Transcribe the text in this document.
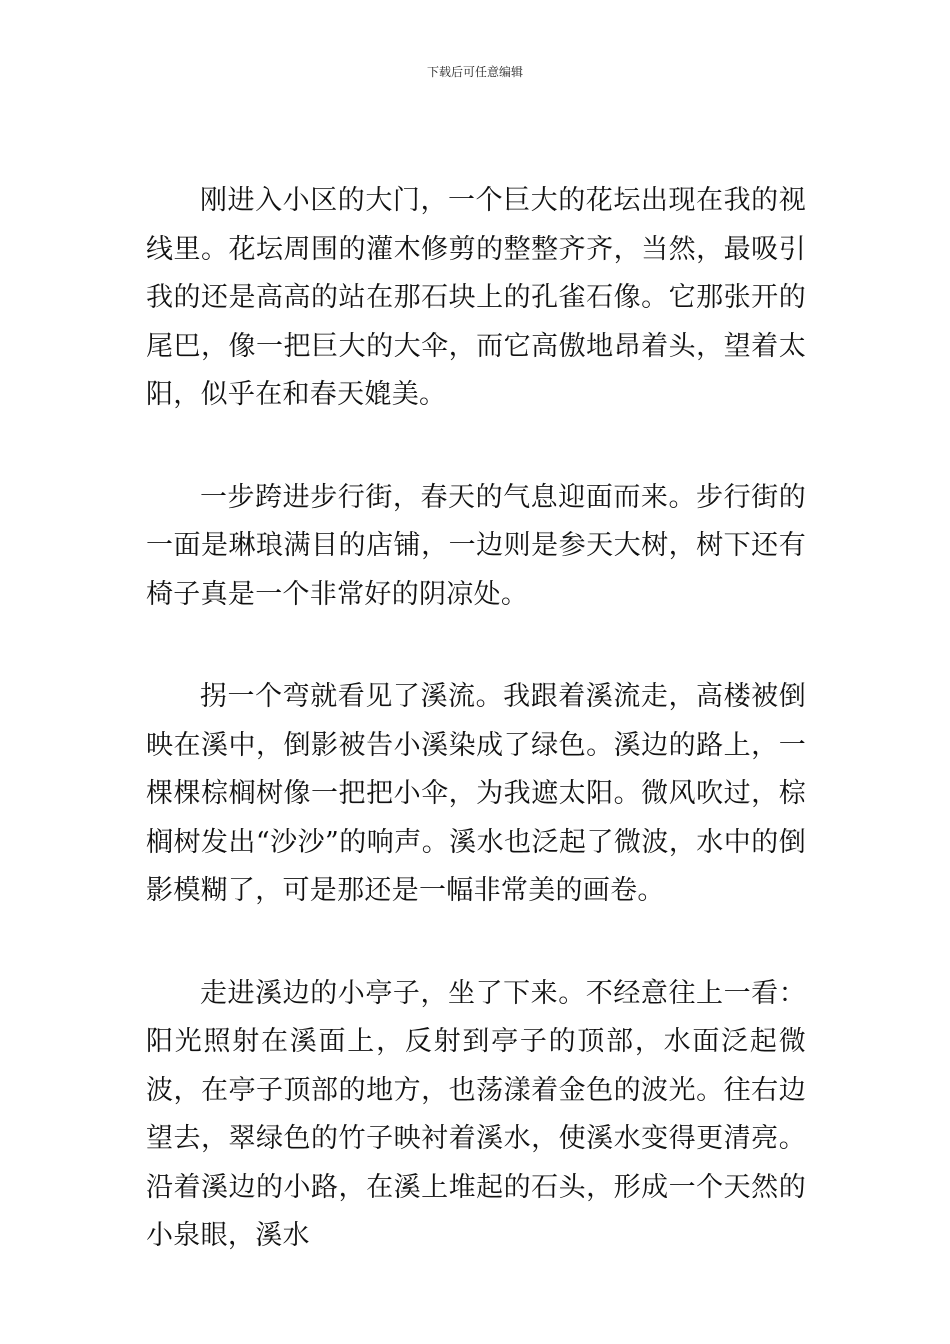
下载后可任意编辑

刚进入小区的大门，一个巨大的花坛出现在我的视线里。花坛周围的灌木修剪的整整齐齐，当然，最吸引我的还是高高的站在那石块上的孔雀石像。它那张开的尾巴，像一把巨大的大伞，而它高傲地昂着头，望着太阳，似乎在和春天媲美。

一步跨进步行街，春天的气息迎面而来。步行街的一面是琳琅满目的店铺，一边则是参天大树，树下还有椅子真是一个非常好的阴凉处。

拐一个弯就看见了溪流。我跟着溪流走，高楼被倒映在溪中，倒影被告小溪染成了绿色。溪边的路上，一棵棵棕榈树像一把把小伞，为我遮太阳。微风吹过，棕榈树发出“沙沙”的响声。溪水也泛起了微波，水中的倒影模糊了，可是那还是一幅非常美的画卷。

走进溪边的小亭子，坐了下来。不经意往上一看：阳光照射在溪面上，反射到亭子的顶部，水面泛起微波，在亭子顶部的地方，也荡漾着金色的波光。往右边望去，翠绿色的竹子映衬着溪水，使溪水变得更清亮。沿着溪边的小路，在溪上堆起的石头，形成一个天然的小泉眼，溪水
